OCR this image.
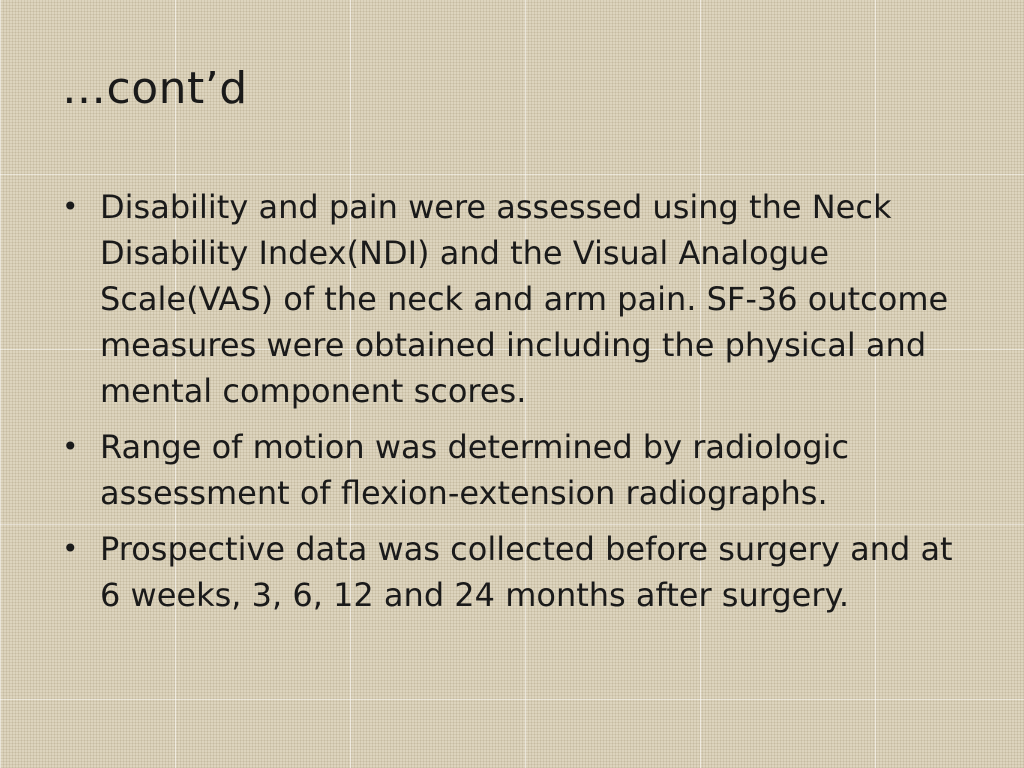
…cont’d
• Disability and pain were assessed using the Neck Disability Index(NDI) and the Visual Analogue Scale(VAS) of the neck and arm pain. SF-36 outcome measures were obtained including the physical and mental component scores.
• Range of motion was determined by radiologic assessment of flexion-extension radiographs.
• Prospective data was collected before surgery and at 6 weeks, 3, 6, 12 and 24 months after surgery.
